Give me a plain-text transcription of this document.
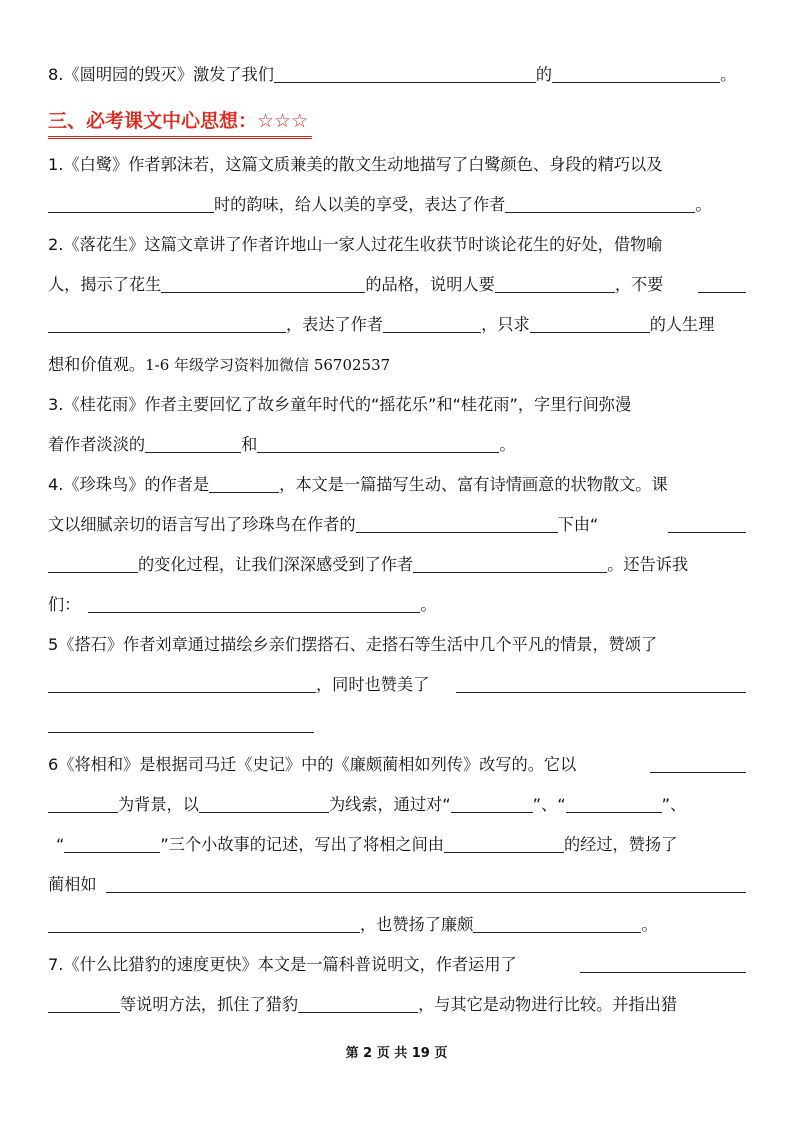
8.《圆明园的毁灭》激发了我们	的	。
三、必考课文中心思想：☆☆☆
1.《白鹭》作者郭沫若，这篇文质兼美的散文生动地描写了白鹭颜色、身段的精巧以及
时的韵味，给人以美的享受，表达了作者	。
2.《落花生》这篇文章讲了作者许地山一家人过花生收获节时谈论花生的好处，借物喻
人，揭示了花生	的品格，说明人要	，不要
，表达了作者	，只求	的人生理
想和价值观。1-6 年级学习资料加微信 56702537
3.《桂花雨》作者主要回忆了故乡童年时代的“摇花乐”和“桂花雨”，字里行间弥漫
着作者淡淡的	和	。
4.《珍珠鸟》的作者是	，本文是一篇描写生动、富有诗情画意的状物散文。课
文以细腻亲切的语言写出了珍珠鸟在作者的	下由“
的变化过程，让我们深深感受到了作者	。还告诉我
们：	。
5《搭石》作者刘章通过描绘乡亲们摆搭石、走搭石等生活中几个平凡的情景，赞颂了
，同时也赞美了
6《将相和》是根据司马迁《史记》中的《廉颇蔺相如列传》改写的。它以
为背景，以	为线索，通过对“	”、“	”、
“	”三个小故事的记述，写出了将相之间由	的经过，赞扬了
蔺相如
，也赞扬了廉颇	。
7.《什么比猎豹的速度更快》本文是一篇科普说明文，作者运用了
等说明方法，抓住了猎豹	，与其它是动物进行比较。并指出猎
第 2 页 共 19 页
